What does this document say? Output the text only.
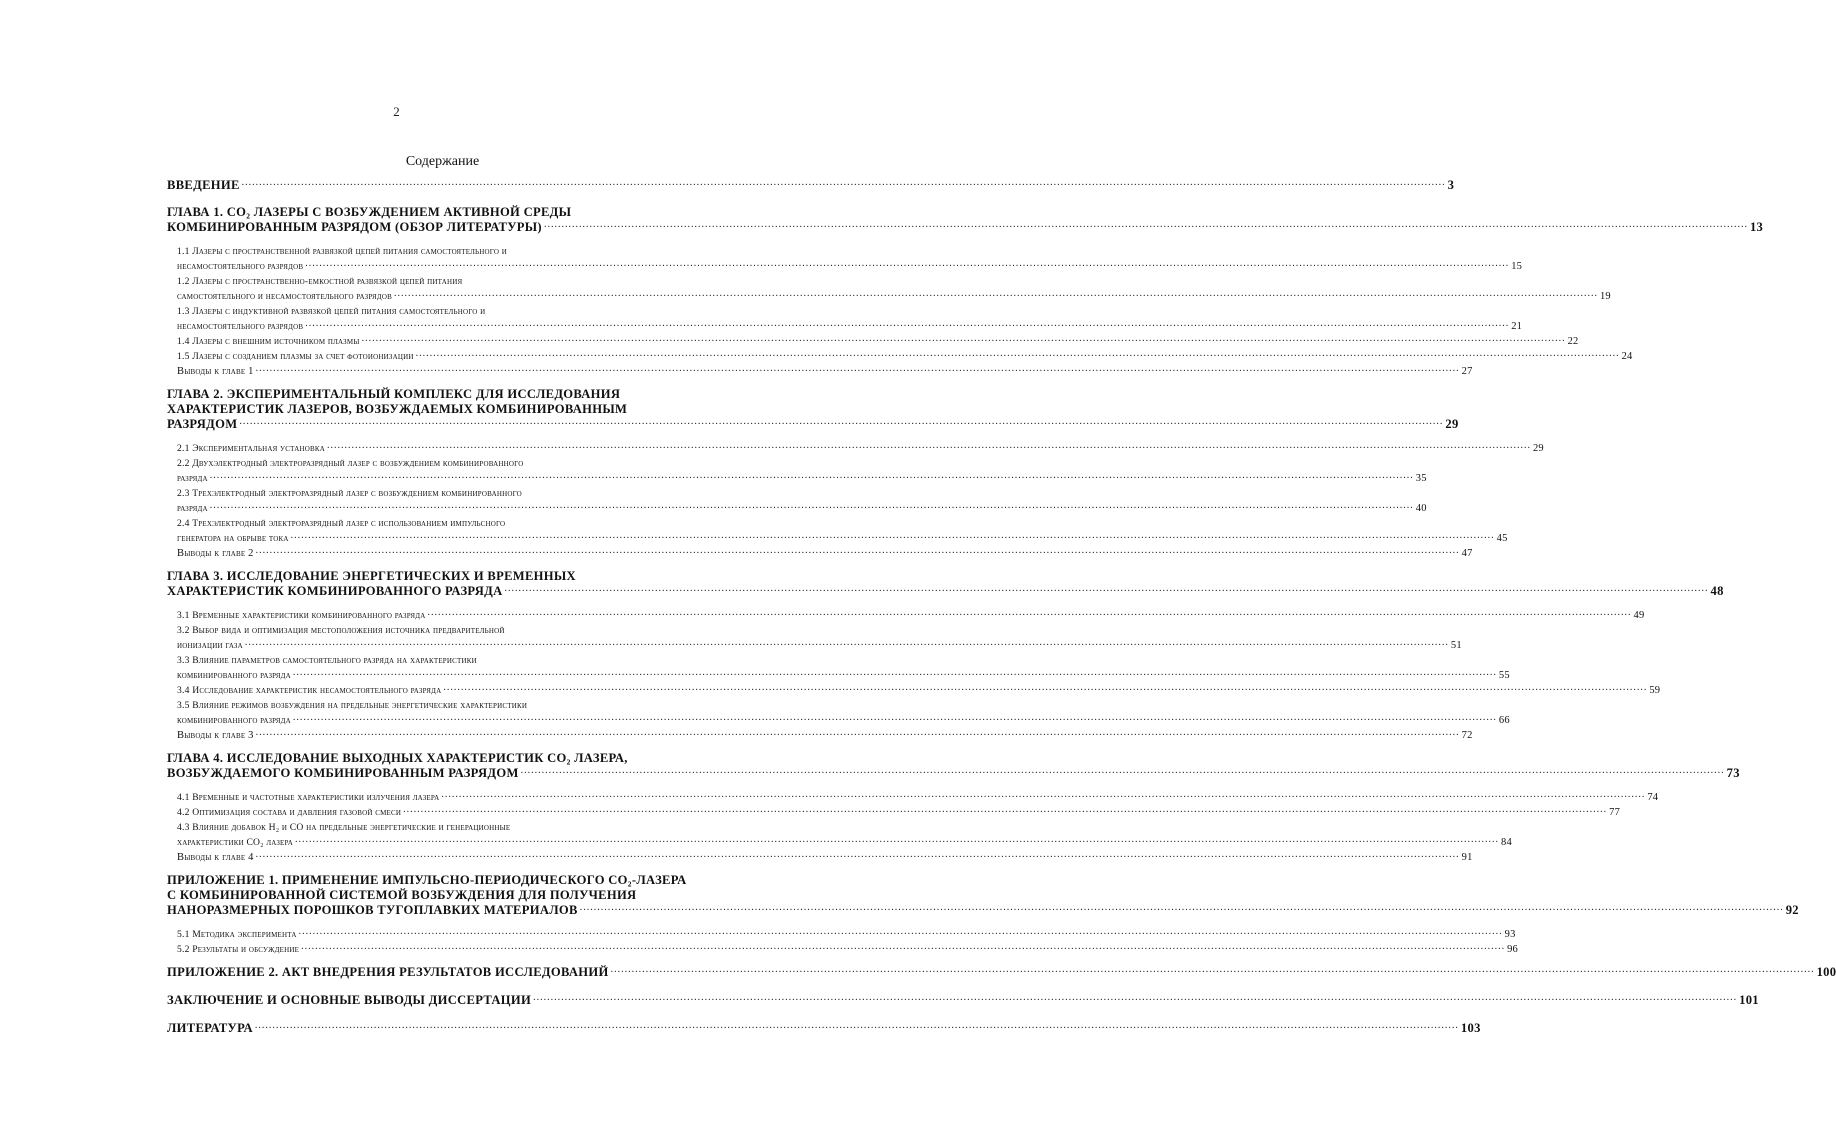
2
Содержание
ВВЕДЕНИЕ .....	3
ГЛАВА 1. CO₂ ЛАЗЕРЫ С ВОЗБУЖДЕНИЕМ АКТИВНОЙ СРЕДЫ
КОМБИНИРОВАННЫМ РАЗРЯДОМ (ОБЗОР ЛИТЕРАТУРЫ) .....	13
1.1 Лазеры с пространственной развязкой цепей питания самостоятельного и
несамостоятельного разрядов .....	15
1.2 Лазеры с пространственно-емкостной развязкой цепей питания
самостоятельного и несамостоятельного разрядов .....	19
1.3 Лазеры с индуктивной развязкой цепей питания самостоятельного и
несамостоятельного разрядов .....	21
1.4 Лазеры с внешним источником плазмы .....	22
1.5 Лазеры с созданием плазмы за счет фотоионизации .....	24
Выводы к главе 1 .....	27
ГЛАВА 2. ЭКСПЕРИМЕНТАЛЬНЫЙ КОМПЛЕКС ДЛЯ ИССЛЕДОВАНИЯ
ХАРАКТЕРИСТИК ЛАЗЕРОВ, ВОЗБУЖДАЕМЫХ КОМБИНИРОВАННЫМ
РАЗРЯДОМ .....	29
2.1 Экспериментальная установка .....	29
2.2 Двухэлектродный электроразрядный лазер с возбуждением комбинированного
разряда .....	35
2.3 Трехэлектродный электроразрядный лазер с возбуждением комбинированного
разряда .....	40
2.4 Трехэлектродный электроразрядный лазер с использованием импульсного
генератора на обрыве тока .....	45
Выводы к главе 2 .....	47
ГЛАВА 3. ИССЛЕДОВАНИЕ ЭНЕРГЕТИЧЕСКИХ И ВРЕМЕННЫХ
ХАРАКТЕРИСТИК КОМБИНИРОВАННОГО РАЗРЯДА .....	48
3.1 Временные характеристики комбинированного разряда .....	49
3.2 Выбор вида и оптимизация местоположения источника предварительной
ионизации газа .....	51
3.3 Влияние параметров самостоятельного разряда на характеристики
комбинированного разряда .....	55
3.4 Исследование характеристик несамостоятельного разряда .....	59
3.5 Влияние режимов возбуждения на предельные энергетические характеристики
комбинированного разряда .....	66
Выводы к главе 3 .....	72
ГЛАВА 4. ИССЛЕДОВАНИЕ ВЫХОДНЫХ ХАРАКТЕРИСТИК CO₂ ЛАЗЕРА,
ВОЗБУЖДАЕМОГО КОМБИНИРОВАННЫМ РАЗРЯДОМ .....	73
4.1 Временные и частотные характеристики излучения лазера .....	74
4.2 Оптимизация состава и давления газовой смеси .....	77
4.3 Влияние добавок H₂ и CO на предельные энергетические и генерационные
характеристики CO₂ лазера .....	84
Выводы к главе 4 .....	91
ПРИЛОЖЕНИЕ 1. ПРИМЕНЕНИЕ ИМПУЛЬСНО-ПЕРИОДИЧЕСКОГО CO₂-ЛАЗЕРА
С КОМБИНИРОВАННОЙ СИСТЕМОЙ ВОЗБУЖДЕНИЯ ДЛЯ ПОЛУЧЕНИЯ
НАНОРАЗМЕРНЫХ ПОРОШКОВ ТУГОПЛАВКИХ МАТЕРИАЛОВ .....	92
5.1 Методика эксперимента .....	93
5.2 Результаты и обсуждение .....	96
ПРИЛОЖЕНИЕ 2. АКТ ВНЕДРЕНИЯ РЕЗУЛЬТАТОВ ИССЛЕДОВАНИЙ .....	100
ЗАКЛЮЧЕНИЕ И ОСНОВНЫЕ ВЫВОДЫ ДИССЕРТАЦИИ .....	101
ЛИТЕРАТУРА .....	103
